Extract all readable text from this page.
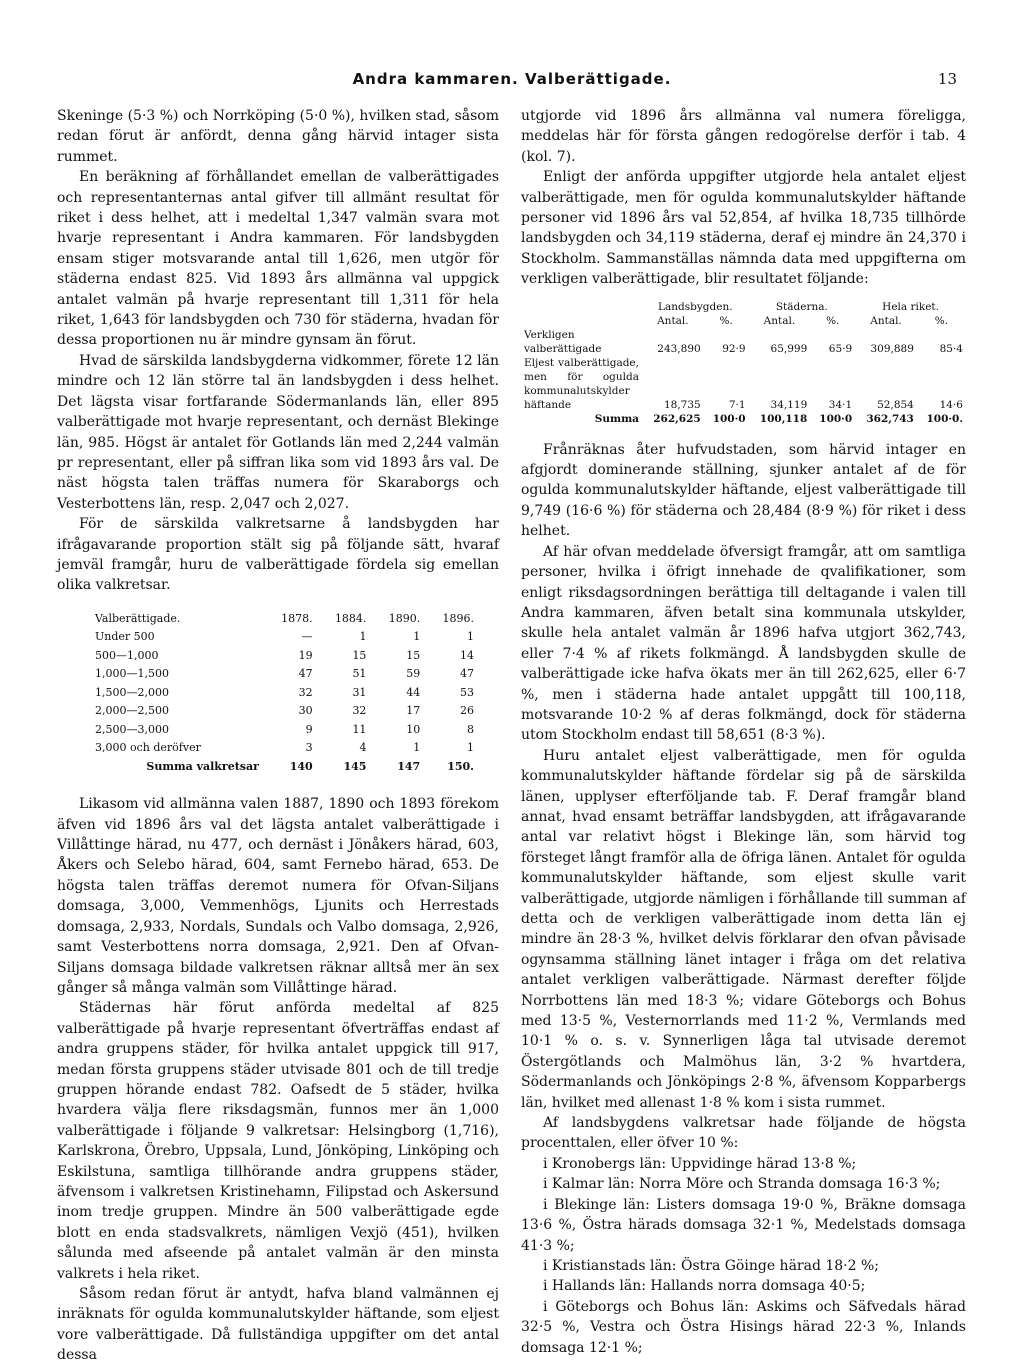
Andra kammaren. Valberättigade.	13

Skeninge (5·3 %) och Norrköping (5·0 %), hvilken stad, såsom redan förut är anfördt, denna gång härvid intager sista rummet.

En beräkning af förhållandet emellan de valberättigades och representanternas antal gifver till allmänt resultat för riket i dess helhet, att i medeltal 1,347 valmän svara mot hvarje representant i Andra kammaren. För landsbygden ensam stiger motsvarande antal till 1,626, men utgör för städerna endast 825. Vid 1893 års allmänna val uppgick antalet valmän på hvarje representant till 1,311 för hela riket, 1,643 för landsbygden och 730 för städerna, hvadan för dessa proportionen nu är mindre gynsam än förut.

Hvad de särskilda landsbygderna vidkommer, förete 12 län mindre och 12 län större tal än landsbygden i dess helhet. Det lägsta visar fortfarande Södermanlands län, eller 895 valberättigade mot hvarje representant, och dernäst Blekinge län, 985. Högst är antalet för Gotlands län med 2,244 valmän pr representant, eller på siffran lika som vid 1893 års val. De näst högsta talen träffas numera för Skaraborgs och Vesterbottens län, resp. 2,047 och 2,027.

För de särskilda valkretsarne å landsbygden har ifrågavarande proportion stält sig på följande sätt, hvaraf jemväl framgår, huru de valberättigade fördela sig emellan olika valkretsar.

Valberättigade.	1878.	1884.	1890.	1896.
Under 500	—	1	1	1
500—1,000	19	15	15	14
1,000—1,500	47	51	59	47
1,500—2,000	32	31	44	53
2,000—2,500	30	32	17	26
2,500—3,000	9	11	10	8
3,000 och deröfver	3	4	1	1
Summa valkretsar	140	145	147	150.

Likasom vid allmänna valen 1887, 1890 och 1893 förekom äfven vid 1896 års val det lägsta antalet valberättigade i Villåttinge härad, nu 477, och dernäst i Jönåkers härad, 603, Åkers och Selebo härad, 604, samt Fernebo härad, 653. De högsta talen träffas deremot numera för Ofvan-Siljans domsaga, 3,000, Vemmenhögs, Ljunits och Herrestads domsaga, 2,933, Nordals, Sundals och Valbo domsaga, 2,926, samt Vesterbottens norra domsaga, 2,921. Den af Ofvan-Siljans domsaga bildade valkretsen räknar alltså mer än sex gånger så många valmän som Villåttinge härad.

Städernas här förut anförda medeltal af 825 valberättigade på hvarje representant öfverträffas endast af andra gruppens städer, för hvilka antalet uppgick till 917, medan första gruppens städer utvisade 801 och de till tredje gruppen hörande endast 782. Oafsedt de 5 städer, hvilka hvardera välja flere riksdagsmän, funnos mer än 1,000 valberättigade i följande 9 valkretsar: Helsingborg (1,716), Karlskrona, Örebro, Uppsala, Lund, Jönköping, Linköping och Eskilstuna, samtliga tillhörande andra gruppens städer, äfvensom i valkretsen Kristinehamn, Filipstad och Askersund inom tredje gruppen. Mindre än 500 valberättigade egde blott en enda stadsvalkrets, nämligen Vexjö (451), hvilken sålunda med afseende på antalet valmän är den minsta valkrets i hela riket.

Såsom redan förut är antydt, hafva bland valmännen ej inräknats för ogulda kommunalutskylder häftande, som eljest vore valberättigade. Då fullständiga uppgifter om det antal dessa

utgjorde vid 1896 års allmänna val numera föreligga, meddelas här för första gången redogörelse derför i tab. 4 (kol. 7).

Enligt der anförda uppgifter utgjorde hela antalet eljest valberättigade, men för ogulda kommunalutskylder häftande personer vid 1896 års val 52,854, af hvilka 18,735 tillhörde landsbygden och 34,119 städerna, deraf ej mindre än 24,370 i Stockholm. Sammanställas nämnda data med uppgifterna om verkligen valberättigade, blir resultatet följande:

	Landsbygden.		Städerna.		Hela riket.	
	Antal.	%.	Antal.	%.	Antal.	%.
Verkligen valberättigade	243,890	92·9	65,999	65·9	309,889	85·4
Eljest valberättigade, men för ogulda kommunalutskylder häftande	18,735	7·1	34,119	34·1	52,854	14·6
Summa	262,625	100·0	100,118	100·0	362,743	100·0.

Frånräknas åter hufvudstaden, som härvid intager en afgjordt dominerande ställning, sjunker antalet af de för ogulda kommunalutskylder häftande, eljest valberättigade till 9,749 (16·6 %) för städerna och 28,484 (8·9 %) för riket i dess helhet.

Af här ofvan meddelade öfversigt framgår, att om samtliga personer, hvilka i öfrigt innehade de qvalifikationer, som enligt riksdagsordningen berättiga till deltagande i valen till Andra kammaren, äfven betalt sina kommunala utskylder, skulle hela antalet valmän år 1896 hafva utgjort 362,743, eller 7·4 % af rikets folkmängd. Å landsbygden skulle de valberättigade icke hafva ökats mer än till 262,625, eller 6·7 %, men i städerna hade antalet uppgått till 100,118, motsvarande 10·2 % af deras folkmängd, dock för städerna utom Stockholm endast till 58,651 (8·3 %).

Huru antalet eljest valberättigade, men för ogulda kommunalutskylder häftande fördelar sig på de särskilda länen, upplyser efterföljande tab. F. Deraf framgår bland annat, hvad ensamt beträffar landsbygden, att ifrågavarande antal var relativt högst i Blekinge län, som härvid tog försteget långt framför alla de öfriga länen. Antalet för ogulda kommunalutskylder häftande, som eljest skulle varit valberättigade, utgjorde nämligen i förhållande till summan af detta och de verkligen valberättigade inom detta län ej mindre än 28·3 %, hvilket delvis förklarar den ofvan påvisade ogynsamma ställning länet intager i fråga om det relativa antalet verkligen valberättigade. Närmast derefter följde Norrbottens län med 18·3 %; vidare Göteborgs och Bohus med 13·5 %, Vesternorrlands med 11·2 %, Vermlands med 10·1 % o. s. v. Synnerligen låga tal utvisade deremot Östergötlands och Malmöhus län, 3·2 % hvartdera, Södermanlands och Jönköpings 2·8 %, äfvensom Kopparbergs län, hvilket med allenast 1·8 % kom i sista rummet.

Af landsbygdens valkretsar hade följande de högsta procenttalen, eller öfver 10 %:

i Kronobergs län: Uppvidinge härad 13·8 %;

i Kalmar län: Norra Möre och Stranda domsaga 16·3 %;

i Blekinge län: Listers domsaga 19·0 %, Bräkne domsaga 13·6 %, Östra härads domsaga 32·1 %, Medelstads domsaga 41·3 %;

i Kristianstads län: Östra Göinge härad 18·2 %;

i Hallands län: Hallands norra domsaga 40·5;

i Göteborgs och Bohus län: Askims och Säfvedals härad 32·5 %, Vestra och Östra Hisings härad 22·3 %, Inlands domsaga 12·1 %;
